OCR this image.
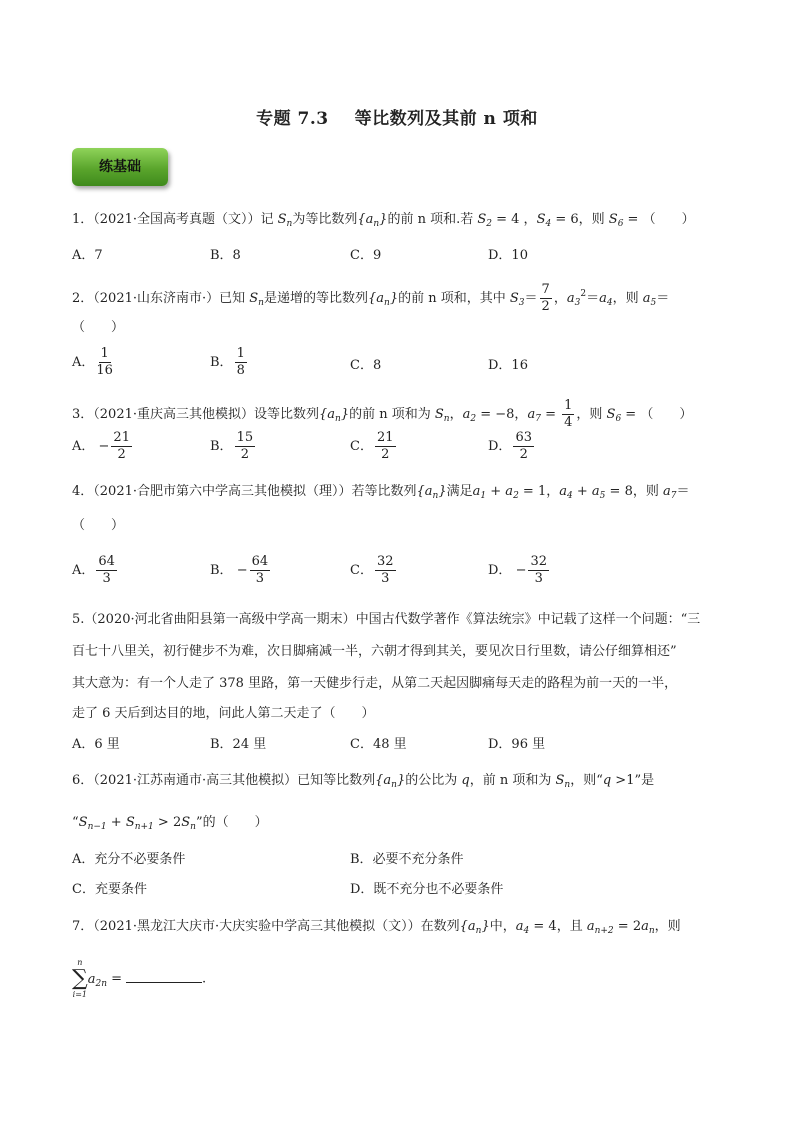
专题 7.3 等比数列及其前 n 项和
练基础
1．（2021·全国高考真题（文））记 $S_n$为等比数列$\{a_n\}$的前 n 项和.若 $S_2 = 4$ ，$S_4 = 6$，则 $S_6$ = （　　）
A．7	B．8	C．9	D．10
2．（2021·山东济南市·）已知 $S_n$是递增的等比数列$\{a_n\}$的前 n 项和，其中 $S_3= \frac{7}{2}$ ，$a_3^2=a_4$，则 $a_5=$
（　　）
A． $\frac{1}{16}$	B． $\frac{1}{8}$	C．8	D．16
3．（2021·重庆高三其他模拟）设等比数列$\{a_n\}$的前 n 项和为 $S_n$，$a_2 = -8$，$a_7 = \frac{1}{4}$ ，则 $S_6$ = （　　）
A． − $\frac{21}{2}$	B． $\frac{15}{2}$	C． $\frac{21}{2}$	D． $\frac{63}{2}$
4．（2021·合肥市第六中学高三其他模拟（理））若等比数列$\{a_n\}$满足$a_1 + a_2 = 1$，$a_4 + a_5 = 8$，则 $a_7=$
（　　）
A． $\frac{64}{3}$	B． − $\frac{64}{3}$	C． $\frac{32}{3}$	D． − $\frac{32}{3}$
5.（2020·河北省曲阳县第一高级中学高一期末）中国古代数学著作《算法统宗》中记载了这样一个问题：“三
百七十八里关，初行健步不为难，次日脚痛减一半，六朝才得到其关，要见次日行里数，请公仔细算相还”
其大意为：有一个人走了 378 里路，第一天健步行走，从第二天起因脚痛每天走的路程为前一天的一半，
走了 6 天后到达目的地，问此人第二天走了（　　）
A．6 里	B．24 里	C．48 里	D．96 里
6．（2021·江苏南通市·高三其他模拟）已知等比数列$\{a_n\}$的公比为 q，前 n 项和为 $S_n$，则“q >1”是
“$S_{n-1} + S_{n+1} > 2S_n$”的（　　）
A．充分不必要条件	B．必要不充分条件
C．充要条件	D．既不充分也不必要条件
7．（2021·黑龙江大庆市·大庆实验中学高三其他模拟（文））在数列$\{a_n\}$中，$a_4 = 4$，且 $a_{n+2} = 2a_n$，则
n
∑
i=1
$a_{2n}$ =	.
